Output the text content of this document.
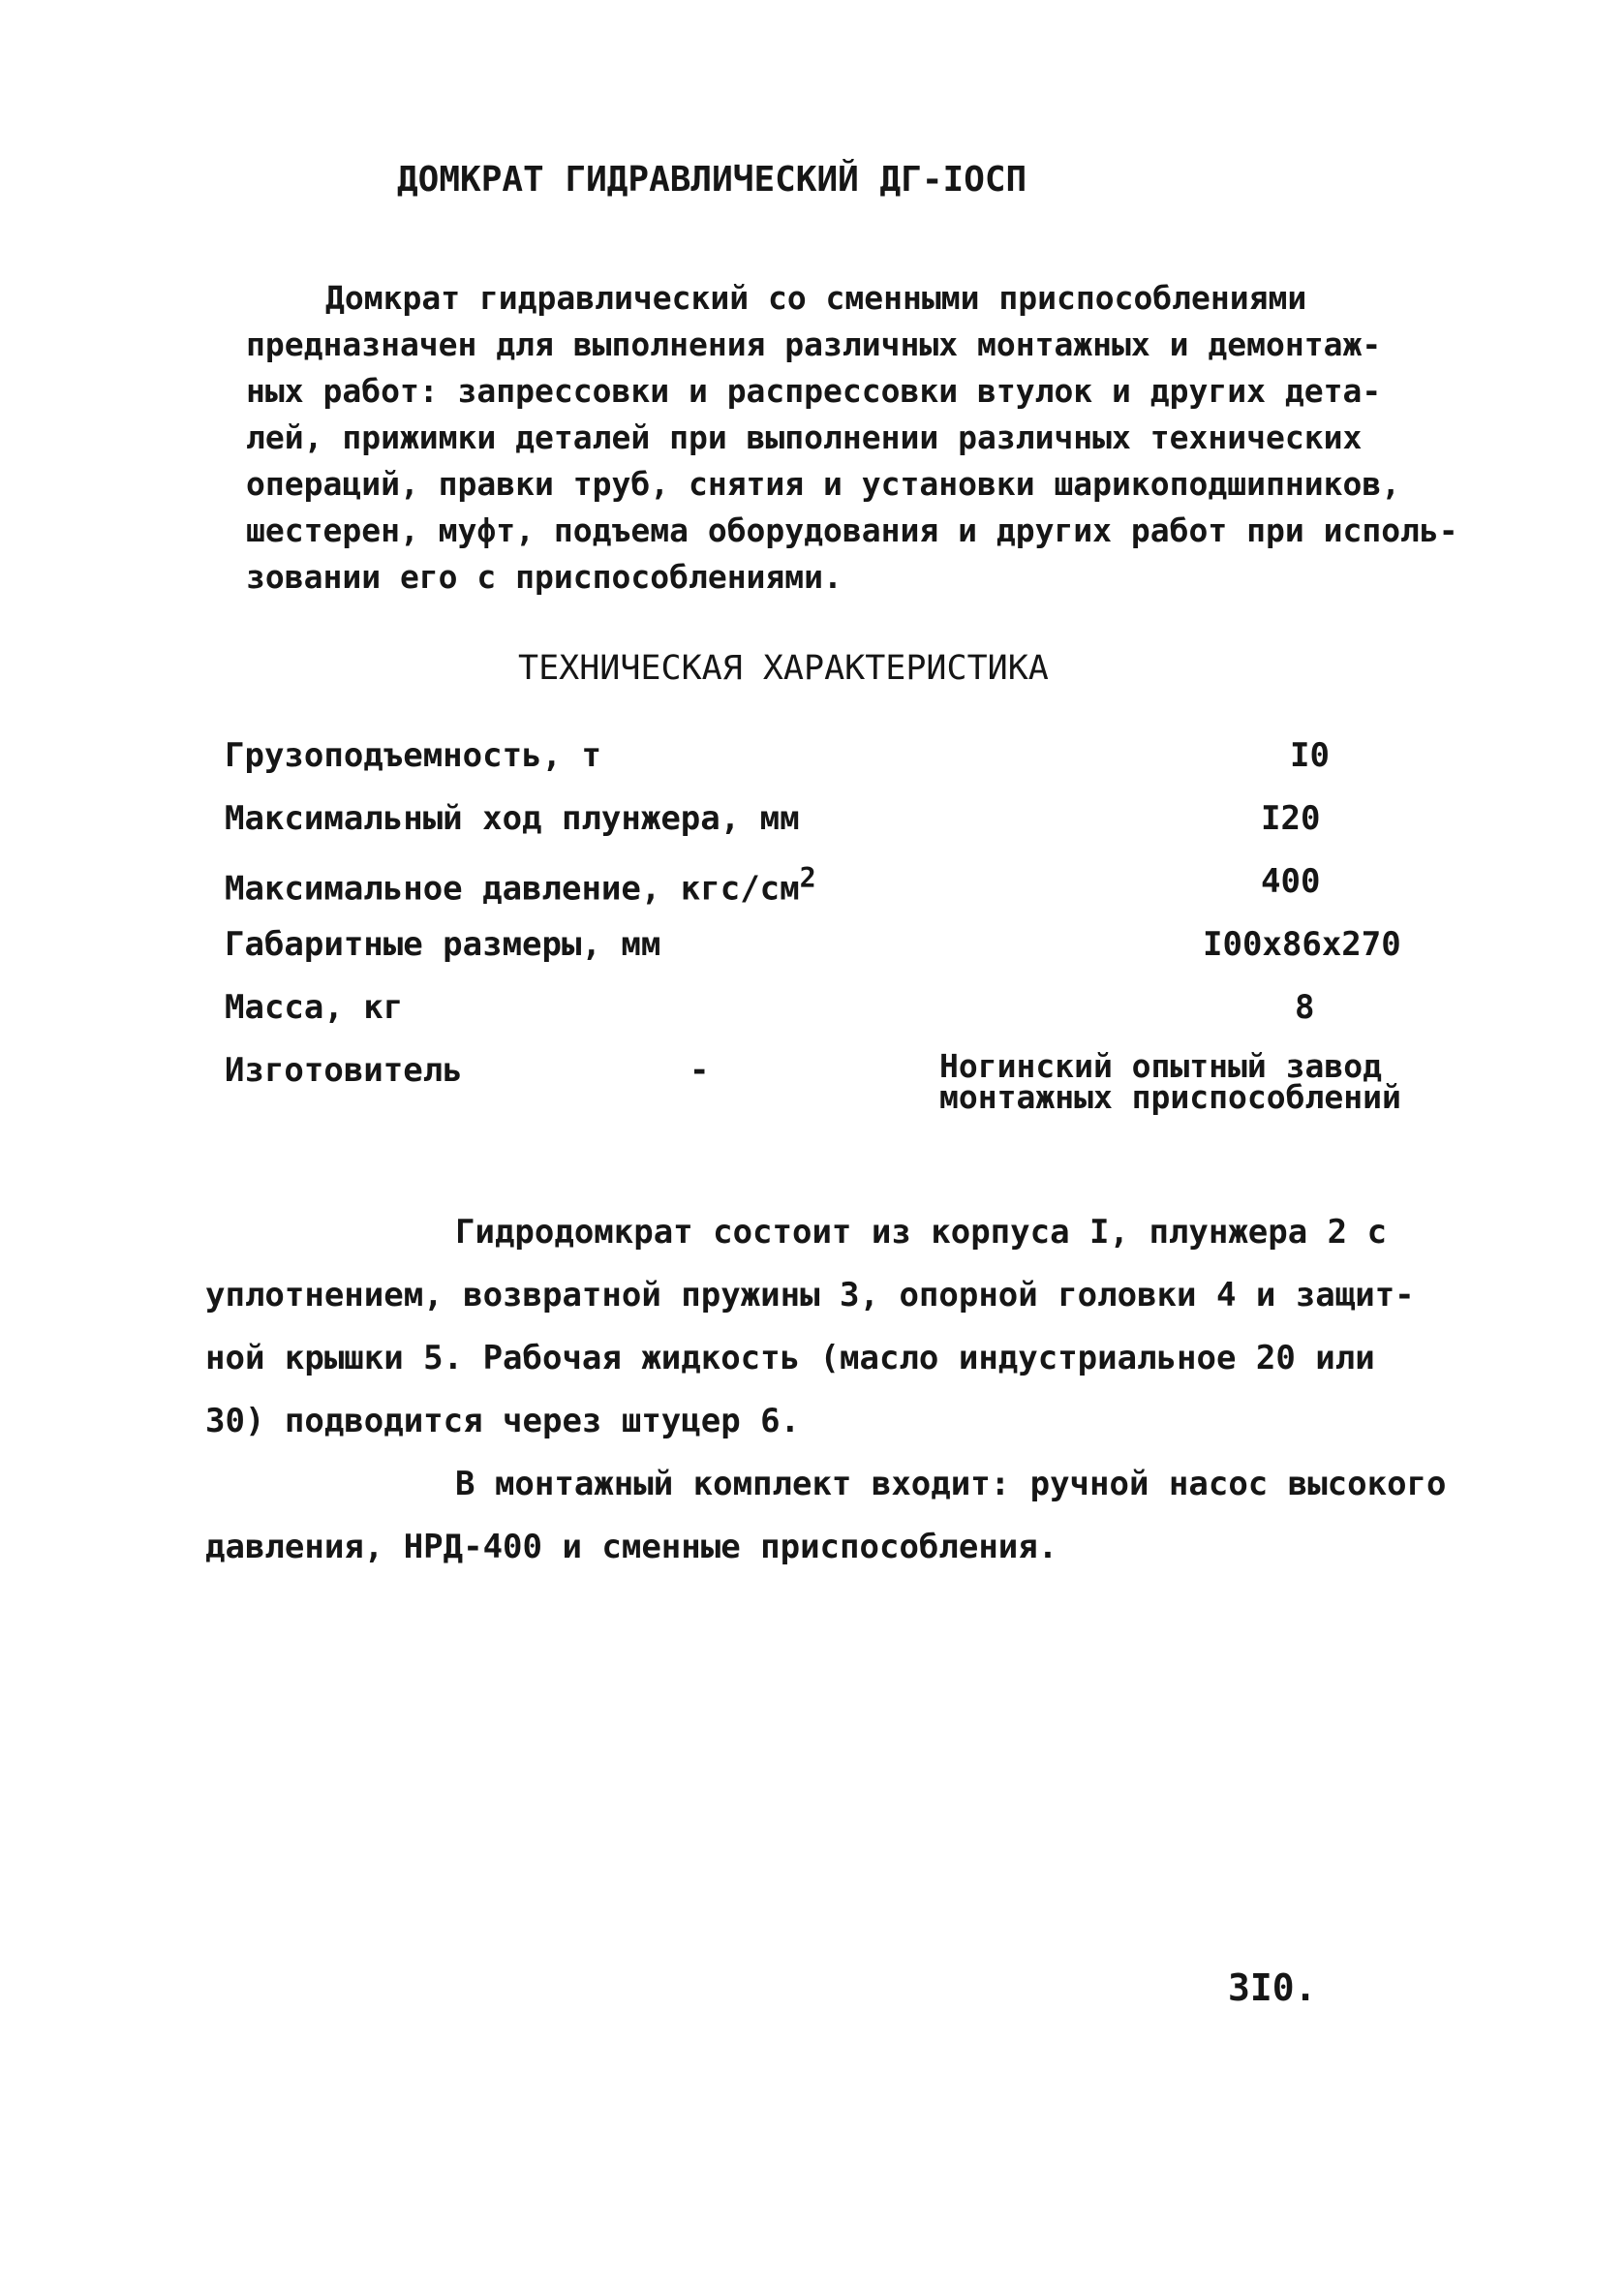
ДОМКРАТ ГИДРАВЛИЧЕСКИЙ ДГ-IОСП
Домкрат гидравлический со сменными приспособлениями
предназначен для выполнения различных монтажных и демонтаж-
ных работ: запрессовки и распрессовки втулок и других дета-
лей, прижимки деталей при выполнении различных технических
операций, правки труб, снятия и установки шарикоподшипников,
шестерен, муфт, подъема оборудования и других работ при исполь-
зовании его с приспособлениями.
ТЕХНИЧЕСКАЯ ХАРАКТЕРИСТИКА
Грузоподъемность, т	I0
Максимальный ход плунжера, мм	I20
Максимальное давление, кгс/$см^2$	400
Габаритные размеры, мм	I00x86x270
Масса, кг	8
Изготовитель	-	Ногинский опытный завод
монтажных приспособлений
Гидродомкрат состоит из корпуса I, плунжера 2 с
уплотнением, возвратной пружины 3, опорной головки 4 и защит-
ной крышки 5. Рабочая жидкость (масло индустриальное 20 или
30) подводится через штуцер 6.
В монтажный комплект входит: ручной насос высокого
давления, НРД-400 и сменные приспособления.
3I0.
